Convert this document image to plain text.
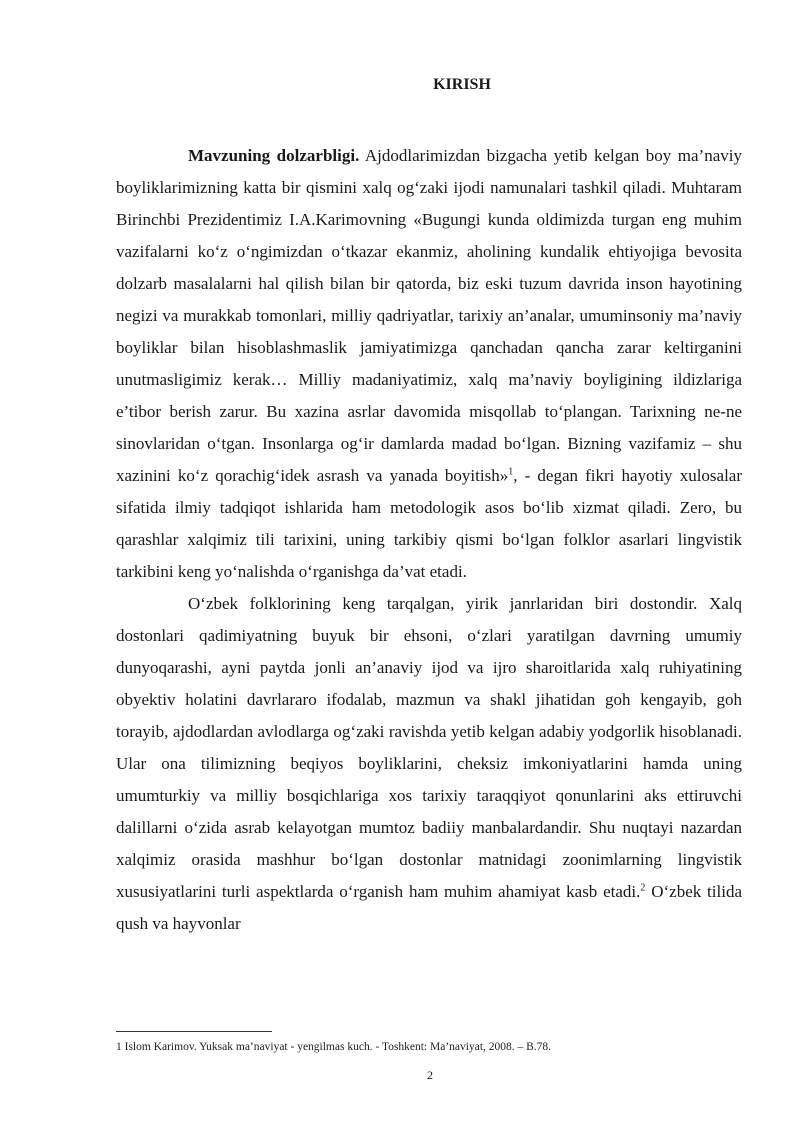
KIRISH

Mavzuning dolzarbligi. Ajdodlarimizdan bizgacha yetib kelgan boy ma’naviy boyliklarimizning katta bir qismini xalq og‘zaki ijodi namunalari tashkil qiladi. Muhtaram Birinchbi Prezidentimiz I.A.Karimovning «Bugungi kunda oldimizda turgan eng muhim vazifalarni ko‘z o‘ngimizdan o‘tkazar ekanmiz, aholining kundalik ehtiyojiga bevosita dolzarb masalalarni hal qilish bilan bir qatorda, biz eski tuzum davrida inson hayotining negizi va murakkab tomonlari, milliy qadriyatlar, tarixiy an’analar, umuminsoniy ma’naviy boyliklar bilan hisoblashmaslik jamiyatimizga qanchadan qancha zarar keltirganini unutmasligimiz kerak… Milliy madaniyatimiz, xalq ma’naviy boyligining ildizlariga e’tibor berish zarur. Bu xazina asrlar davomida misqollab to‘plangan. Tarixning ne-ne sinovlaridan o‘tgan. Insonlarga og‘ir damlarda madad bo‘lgan. Bizning vazifamiz – shu xazinini ko‘z qorachig‘idek asrash va yanada boyitish»$^1$, - degan fikri hayotiy xulosalar sifatida ilmiy tadqiqot ishlarida ham metodologik asos bo‘lib xizmat qiladi. Zero, bu qarashlar xalqimiz tili tarixini, uning tarkibiy qismi bo‘lgan folklor asarlari lingvistik tarkibini keng yo‘nalishda o‘rganishga da’vat etadi.

O‘zbek folklorining keng tarqalgan, yirik janrlaridan biri dostondir. Xalq dostonlari qadimiyatning buyuk bir ehsoni, o‘zlari yaratilgan davrning umumiy dunyoqarashi, ayni paytda jonli an’anaviy ijod va ijro sharoitlarida xalq ruhiyatining obyektiv holatini davrlararo ifodalab, mazmun va shakl jihatidan goh kengayib, goh torayib, ajdodlardan avlodlarga og‘zaki ravishda yetib kelgan adabiy yodgorlik hisoblanadi. Ular ona tilimizning beqiyos boyliklarini, cheksiz imkoniyatlarini hamda uning umumturkiy va milliy bosqichlariga xos tarixiy taraqqiyot qonunlarini aks ettiruvchi dalillarni o‘zida asrab kelayotgan mumtoz badiiy manbalardandir. Shu nuqtayi nazardan xalqimiz orasida mashhur bo‘lgan dostonlar matnidagi zoonimlarning lingvistik xususiyatlarini turli aspektlarda o‘rganish ham muhim ahamiyat kasb etadi.$^2$ O‘zbek tilida qush va hayvonlar

1 Islom Karimov. Yuksak ma’naviyat - yengilmas kuch. - Toshkent: Ma’naviyat, 2008. – B.78.
2
